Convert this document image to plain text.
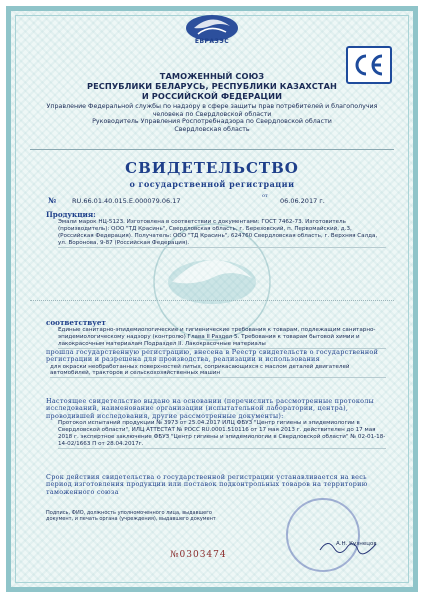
ЕВРАЗЭС
ТАМОЖЕННЫЙ СОЮЗ
РЕСПУБЛИКИ БЕЛАРУСЬ, РЕСПУБЛИКИ КАЗАХСТАН
И РОССИЙСКОЙ ФЕДЕРАЦИИ
Управление Федеральной службы по надзору в сфере защиты прав потребителей и благополучия
человека по Свердловской области
Руководитель Управления Роспотребнадзора по Свердловской области
Свердловская область
СВИДЕТЕЛЬСТВО
о государственной регистрации
№ RU.66.01.40.015.E.000079.06.17
от
06.06.2017 г.
Продукция:
Эмали марок НЦ-5123. Изготовлена в соответствии с документами: ГОСТ 7462-73. Изготовитель (производитель): ООО "ТД Красинь", Свердловская область, г. Березовский, п. Первомайский, д.3, (Российская Федерация). Получатель: ООО "ТД Красинь", 624760 Свердловская область, г. Верхняя Салда, ул. Воронова, 9-87 (Российская Федерация).
соответствует
Единые санитарно-эпидемиологические и гигиенические требования к товарам, подлежащим санитарно-эпидемиологическому надзору (контролю) Глава II Раздел 5. Требования к товарам бытовой химии и лакокрасочным материалам Подраздел II. Лакокрасочные материалы
прошла государственную регистрацию, внесена в Реестр свидетельств о государственной регистрации и разрешена для производства, реализации и использования
для окраски необработанных поверхностей литых, соприкасающихся с маслом деталей двигателей автомобилей, тракторов и сельскохозяйственных машин
Настоящее свидетельство выдано на основании (перечислить рассмотренные протоколы исследований, наименование организации (испытательной лаборатории, центра), проводившей исследования, другие рассмотренные документы):
Протокол испытаний продукции № 3973 от 25.04.2017 ИЛЦ ФБУЗ "Центр гигиены и эпидемиологии в Свердловской области", ИЛЦ АТТЕСТАТ № РОСС RU.0001.510116 от 17 мая 2013 г. действителен до 17 мая 2018 г. экспертное заключение ФБУЗ "Центр гигиены и эпидемиологии в Свердловской области" № 02-01-18-14-02/1663 П от 28.04.2017г.
Срок действия свидетельства о государственной регистрации устанавливается на весь период изготовления продукции или поставок подконтрольных товаров на территорию таможенного союза
Подпись, ФИО, должность уполномоченного лица, выдавшего документ, и печать органа (учреждения), выдавшего документ
А.Н. Кузнецов
№0303474
